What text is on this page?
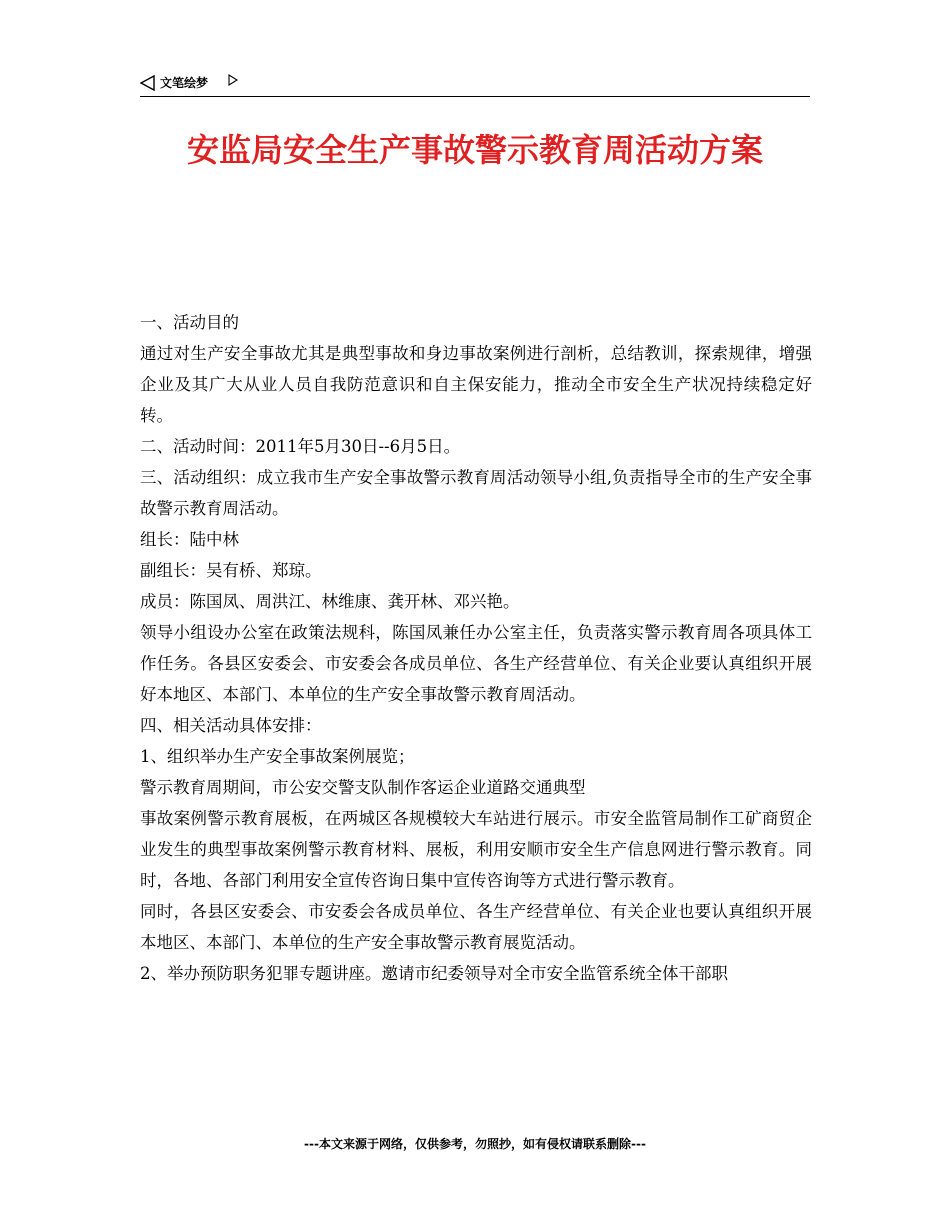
文笔绘梦
安监局安全生产事故警示教育周活动方案

一、活动目的

通过对生产安全事故尤其是典型事故和身边事故案例进行剖析，总结教训，探索规律，增强企业及其广大从业人员自我防范意识和自主保安能力，推动全市安全生产状况持续稳定好转。

二、活动时间：2011年5月30日--6月5日。

三、活动组织：成立我市生产安全事故警示教育周活动领导小组,负责指导全市的生产安全事故警示教育周活动。

组长：陆中林

副组长：吴有桥、郑琼。

成员：陈国凤、周洪江、林维康、龚开林、邓兴艳。

领导小组设办公室在政策法规科，陈国凤兼任办公室主任，负责落实警示教育周各项具体工作任务。各县区安委会、市安委会各成员单位、各生产经营单位、有关企业要认真组织开展好本地区、本部门、本单位的生产安全事故警示教育周活动。

四、相关活动具体安排：

1、组织举办生产安全事故案例展览；

警示教育周期间，市公安交警支队制作客运企业道路交通典型

事故案例警示教育展板，在两城区各规模较大车站进行展示。市安全监管局制作工矿商贸企业发生的典型事故案例警示教育材料、展板，利用安顺市安全生产信息网进行警示教育。同时，各地、各部门利用安全宣传咨询日集中宣传咨询等方式进行警示教育。

同时，各县区安委会、市安委会各成员单位、各生产经营单位、有关企业也要认真组织开展本地区、本部门、本单位的生产安全事故警示教育展览活动。

2、举办预防职务犯罪专题讲座。邀请市纪委领导对全市安全监管系统全体干部职

---本文来源于网络，仅供参考，勿照抄，如有侵权请联系删除---
